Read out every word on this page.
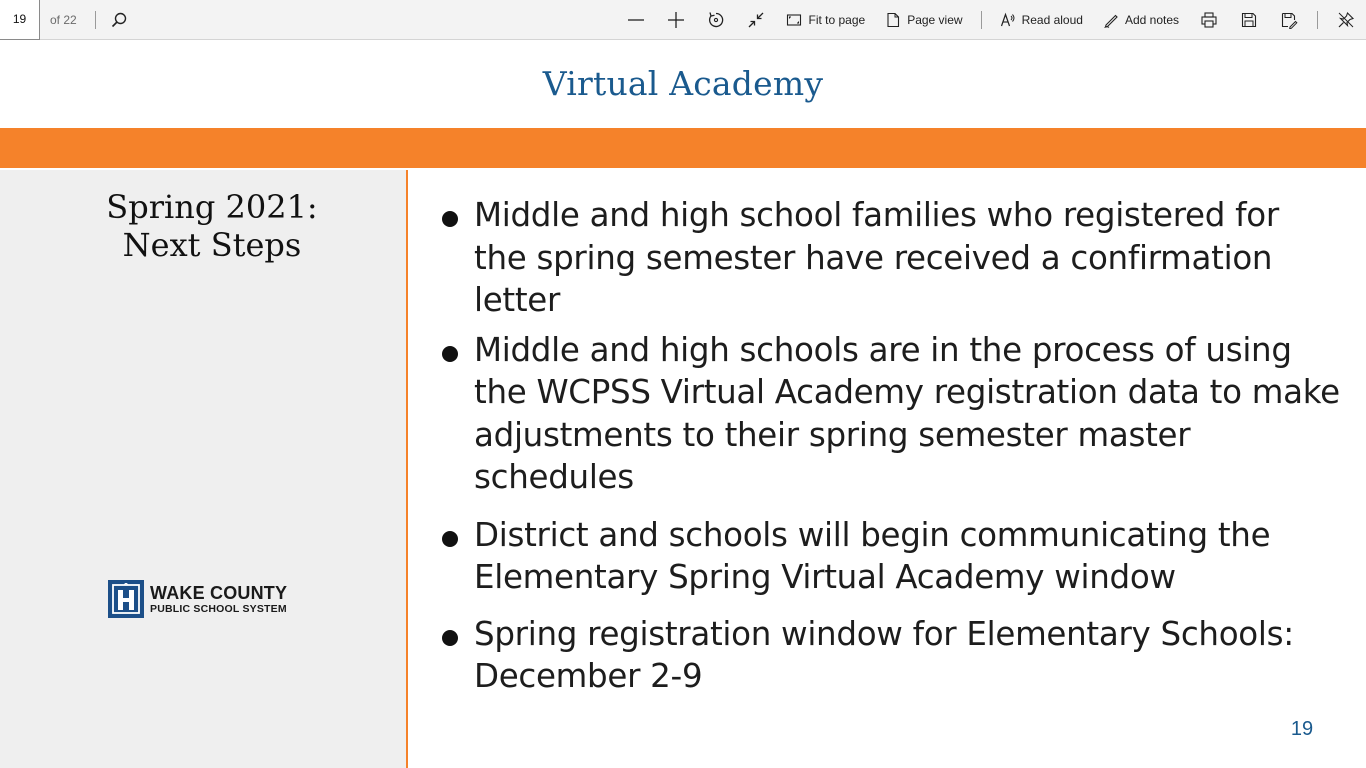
19	of 22	Fit to page	Page view	Read aloud	Add notes
Virtual Academy
Spring 2021:
Next Steps
WAKE COUNTY
PUBLIC SCHOOL SYSTEM
Middle and high school families who registered for the spring semester have received a confirmation letter
Middle and high schools are in the process of using the WCPSS Virtual Academy registration data to make adjustments to their spring semester master schedules
District and schools will begin communicating the Elementary Spring Virtual Academy window
Spring registration window for Elementary Schools: December 2-9
19
